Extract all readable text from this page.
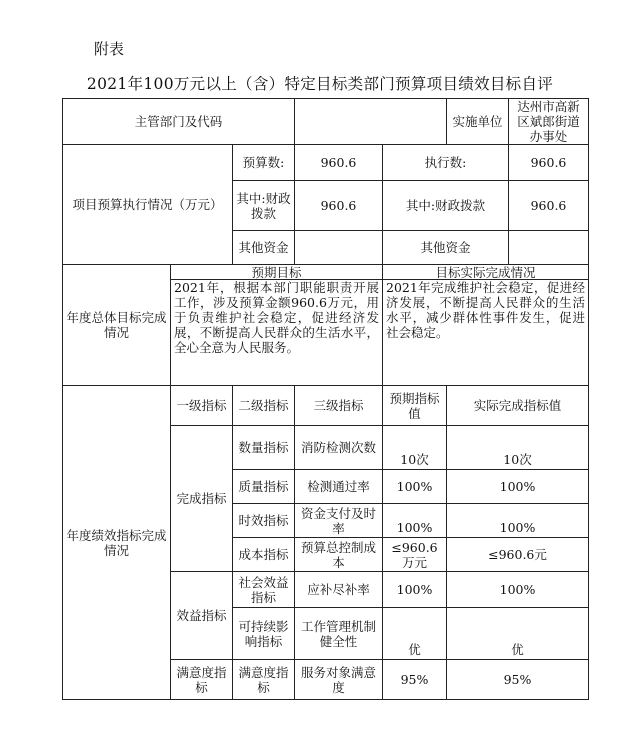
附表
2021年100万元以上（含）特定目标类部门预算项目绩效目标自评
主管部门及代码					实施单位	达州市高新区斌郎街道办事处
项目预算执行情况（万元）		预算数:	960.6	执行数:		960.6
		其中:财政拨款	960.6	其中:财政拨款		960.6
		其他资金		其他资金		
年度总体目标完成情况	预期目标			目标实际完成情况		
	2021年，根据本部门职能职责开展工作，涉及预算金额960.6万元，用于负责维护社会稳定，促进经济发展，不断提高人民群众的生活水平，全心全意为人民服务。			2021年完成维护社会稳定，促进经济发展，不断提高人民群众的生活水平，减少群体性事件发生，促进社会稳定。		
年度绩效指标完成情况	一级指标	二级指标	三级指标	预期指标值	实际完成指标值	
	完成指标	数量指标	消防检测次数	10次	10次	
		质量指标	检测通过率	100%	100%	
		时效指标	资金支付及时率	100%	100%	
		成本指标	预算总控制成本	≤960.6万元	≤960.6元	
	效益指标	社会效益指标	应补尽补率	100%	100%	
		可持续影响指标	工作管理机制健全性	优	优	
	满意度指标	满意度指标	服务对象满意度	95%	95%	
